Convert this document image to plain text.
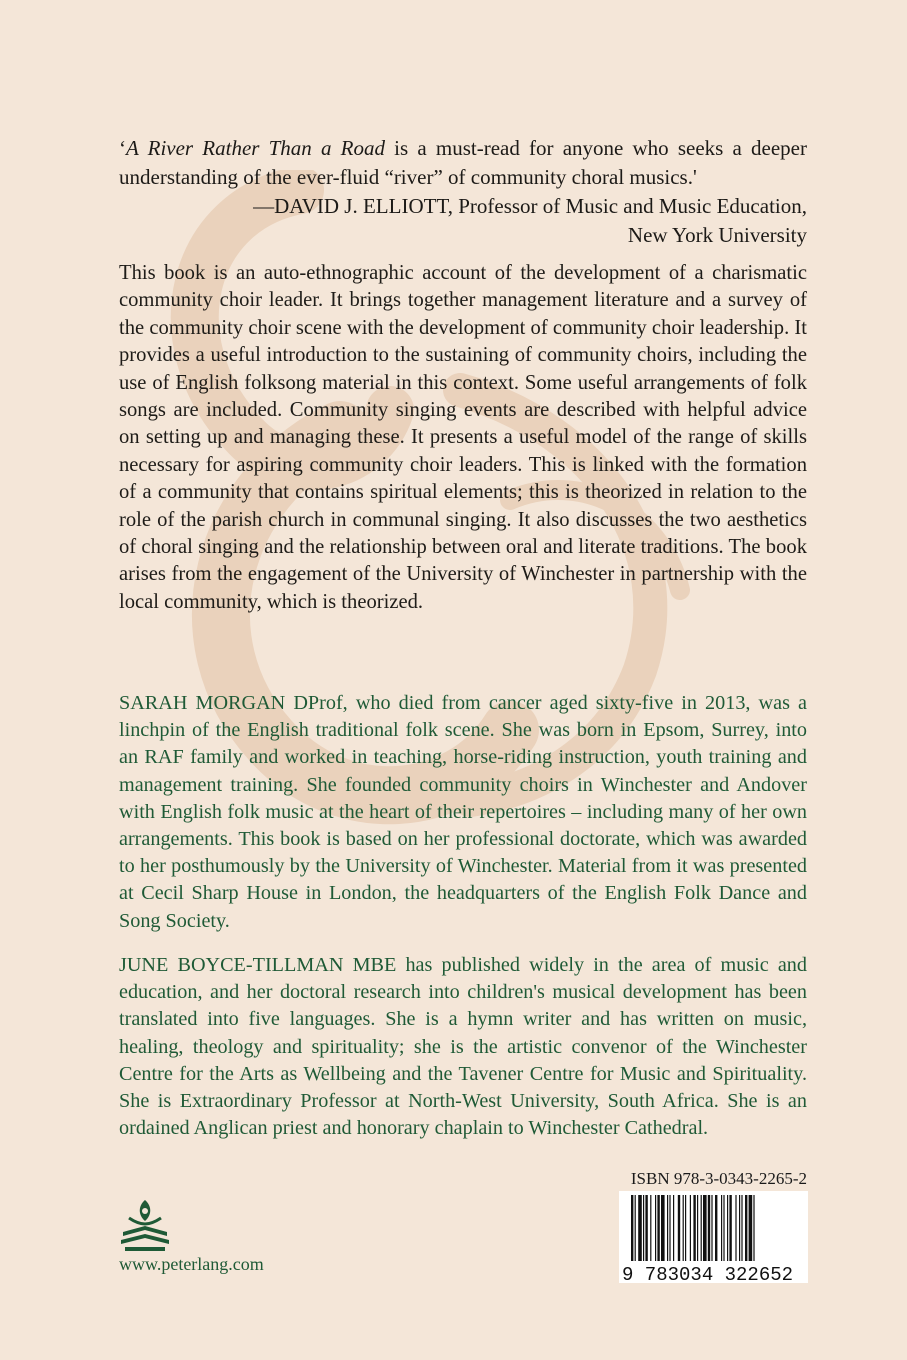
‘A River Rather Than a Road is a must-read for anyone who seeks a deeper understanding of the ever-fluid “river” of community choral musics.'
—DAVID J. ELLIOTT, Professor of Music and Music Education,
New York University
This book is an auto-ethnographic account of the development of a charismatic community choir leader. It brings together management literature and a survey of the community choir scene with the development of community choir leadership. It provides a useful introduction to the sustaining of community choirs, including the use of English folksong material in this context. Some useful arrangements of folk songs are included. Community singing events are described with helpful advice on setting up and managing these. It presents a useful model of the range of skills necessary for aspiring community choir leaders. This is linked with the formation of a community that contains spiritual elements; this is theorized in relation to the role of the parish church in communal singing. It also discusses the two aesthetics of choral singing and the relationship between oral and literate traditions. The book arises from the engagement of the University of Winchester in partnership with the local community, which is theorized.
SARAH MORGAN DProf, who died from cancer aged sixty-five in 2013, was a linchpin of the English traditional folk scene. She was born in Epsom, Surrey, into an RAF family and worked in teaching, horse-riding instruction, youth training and management training. She founded community choirs in Winchester and Andover with English folk music at the heart of their repertoires – including many of her own arrangements. This book is based on her professional doctorate, which was awarded to her posthumously by the University of Winchester. Material from it was presented at Cecil Sharp House in London, the headquarters of the English Folk Dance and Song Society.
JUNE BOYCE-TILLMAN MBE has published widely in the area of music and education, and her doctoral research into children's musical development has been translated into five languages. She is a hymn writer and has written on music, healing, theology and spirituality; she is the artistic convenor of the Winchester Centre for the Arts as Wellbeing and the Tavener Centre for Music and Spirituality. She is Extraordinary Professor at North-West University, South Africa. She is an ordained Anglican priest and honorary chaplain to Winchester Cathedral.
ISBN 978-3-0343-2265-2
9 783034 322652
www.peterlang.com
